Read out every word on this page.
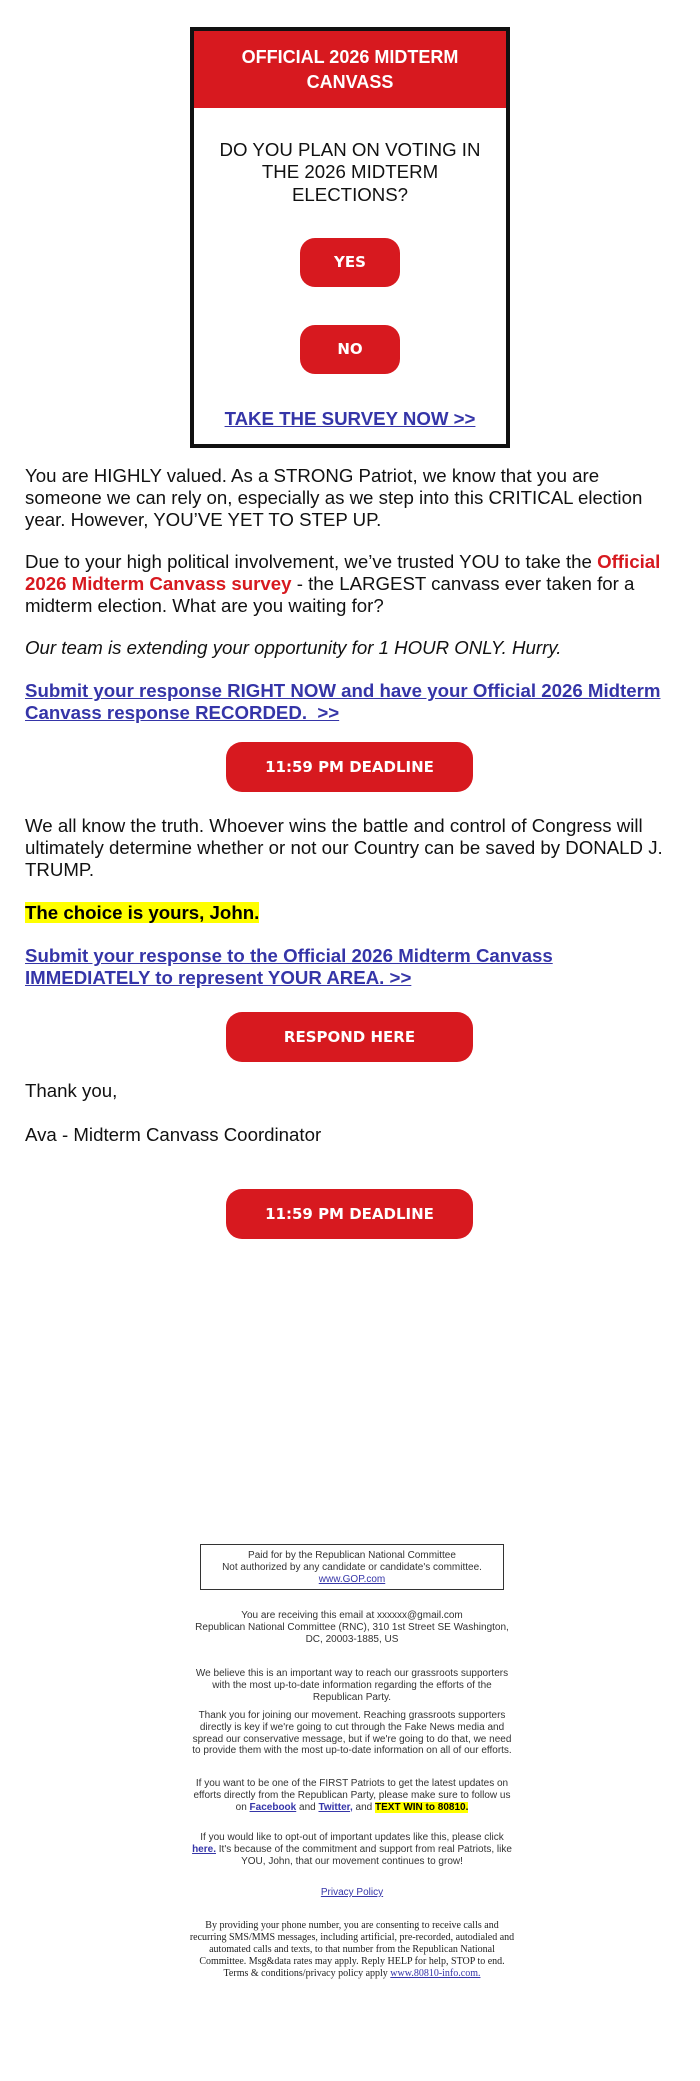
OFFICIAL 2026 MIDTERM CANVASS
DO YOU PLAN ON VOTING IN THE 2026 MIDTERM ELECTIONS?
YES
NO
TAKE THE SURVEY NOW >>

You are HIGHLY valued. As a STRONG Patriot, we know that you are someone we can rely on, especially as we step into this CRITICAL election year. However, YOU’VE YET TO STEP UP.

Due to your high political involvement, we’ve trusted YOU to take the Official 2026 Midterm Canvass survey - the LARGEST canvass ever taken for a midterm election. What are you waiting for?

Our team is extending your opportunity for 1 HOUR ONLY. Hurry.

Submit your response RIGHT NOW and have your Official 2026 Midterm Canvass response RECORDED.  >>

11:59 PM DEADLINE

We all know the truth. Whoever wins the battle and control of Congress will ultimately determine whether or not our Country can be saved by DONALD J. TRUMP.

The choice is yours, John.

Submit your response to the Official 2026 Midterm Canvass IMMEDIATELY to represent YOUR AREA. >>

RESPOND HERE

Thank you,

Ava - Midterm Canvass Coordinator

11:59 PM DEADLINE
Paid for by the Republican National Committee
Not authorized by any candidate or candidate's committee.
www.GOP.com

You are receiving this email at xxxxxx@gmail.com
Republican National Committee (RNC), 310 1st Street SE Washington, DC, 20003-1885, US

We believe this is an important way to reach our grassroots supporters with the most up-to-date information regarding the efforts of the Republican Party.

Thank you for joining our movement. Reaching grassroots supporters directly is key if we're going to cut through the Fake News media and spread our conservative message, but if we're going to do that, we need to provide them with the most up-to-date information on all of our efforts.

If you want to be one of the FIRST Patriots to get the latest updates on efforts directly from the Republican Party, please make sure to follow us on Facebook and Twitter, and TEXT WIN to 80810.

If you would like to opt-out of important updates like this, please click here. It's because of the commitment and support from real Patriots, like YOU, John, that our movement continues to grow!

Privacy Policy

By providing your phone number, you are consenting to receive calls and recurring SMS/MMS messages, including artificial, pre-recorded, autodialed and automated calls and texts, to that number from the Republican National Committee. Msg&data rates may apply. Reply HELP for help, STOP to end. Terms & conditions/privacy policy apply www.80810-info.com.
